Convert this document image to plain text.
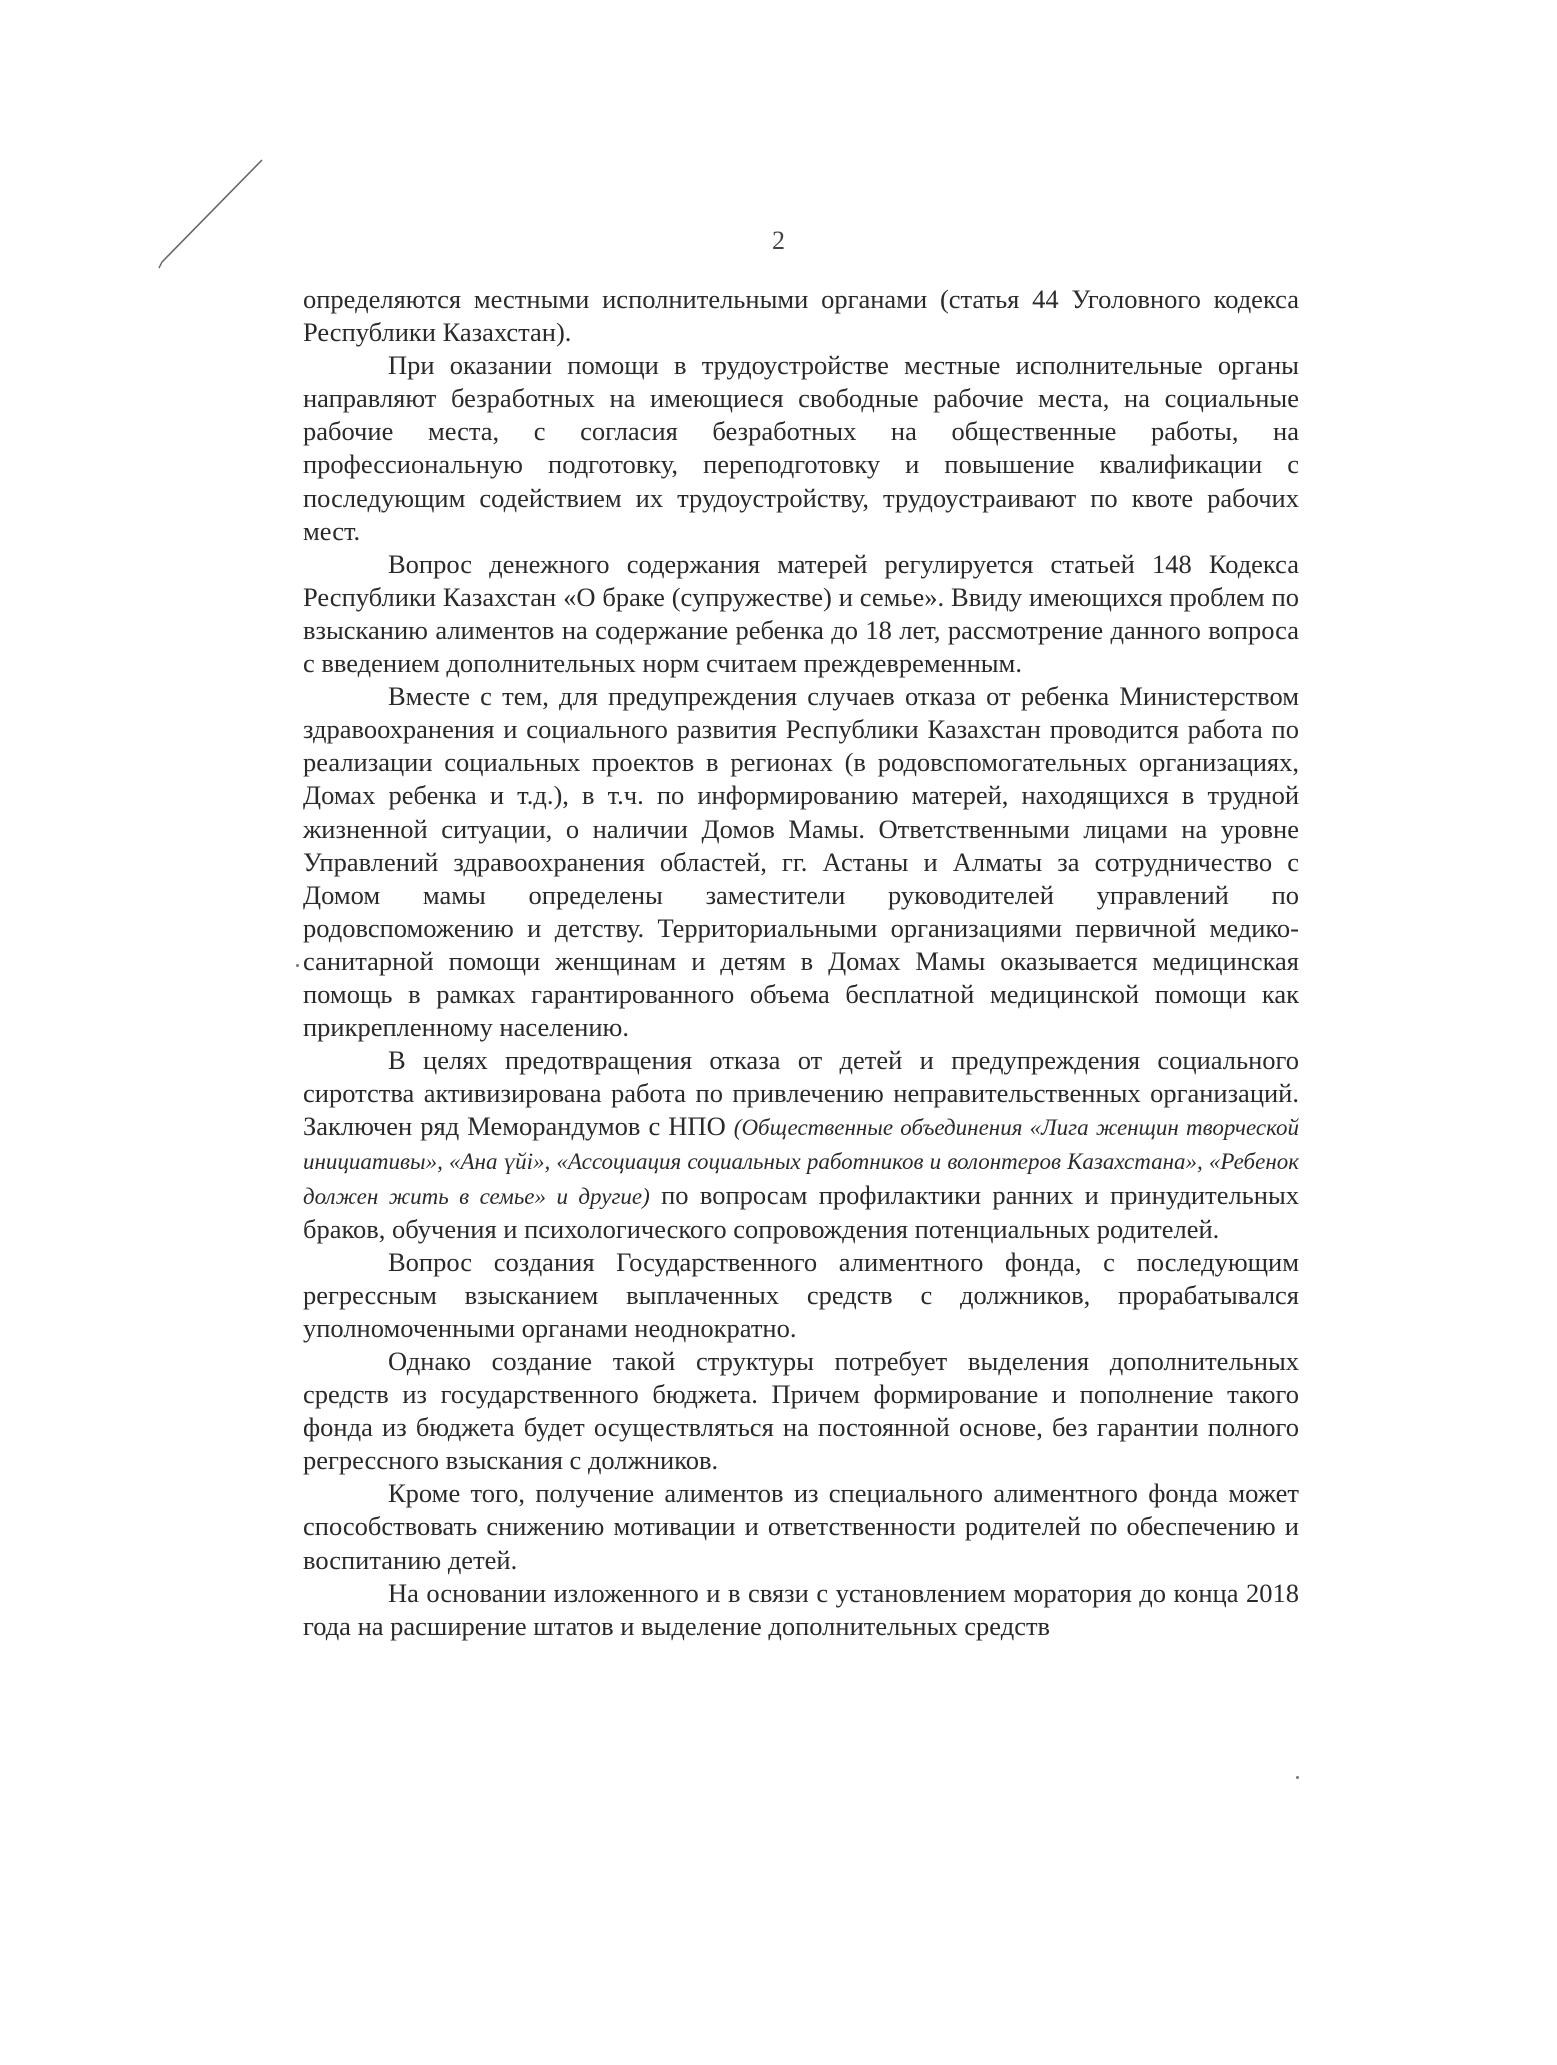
2

определяются местными исполнительными органами (статья 44 Уголовного кодекса Республики Казахстан).

При оказании помощи в трудоустройстве местные исполнительные органы направляют безработных на имеющиеся свободные рабочие места, на социальные рабочие места, с согласия безработных на общественные работы, на профессиональную подготовку, переподготовку и повышение квалификации с последующим содействием их трудоустройству, трудоустраивают по квоте рабочих мест.

Вопрос денежного содержания матерей регулируется статьей 148 Кодекса Республики Казахстан «О браке (супружестве) и семье». Ввиду имеющихся проблем по взысканию алиментов на содержание ребенка до 18 лет, рассмотрение данного вопроса с введением дополнительных норм считаем преждевременным.

Вместе с тем, для предупреждения случаев отказа от ребенка Министерством здравоохранения и социального развития Республики Казахстан проводится работа по реализации социальных проектов в регионах (в родовспомогательных организациях, Домах ребенка и т.д.), в т.ч. по информированию матерей, находящихся в трудной жизненной ситуации, о наличии Домов Мамы. Ответственными лицами на уровне Управлений здравоохранения областей, гг. Астаны и Алматы за сотрудничество с Домом мамы определены заместители руководителей управлений по родовспоможению и детству. Территориальными организациями первичной медико-санитарной помощи женщинам и детям в Домах Мамы оказывается медицинская помощь в рамках гарантированного объема бесплатной медицинской помощи как прикрепленному населению.

В целях предотвращения отказа от детей и предупреждения социального сиротства активизирована работа по привлечению неправительственных организаций. Заключен ряд Меморандумов с НПО (Общественные объединения «Лига женщин творческой инициативы», «Ана үйі», «Ассоциация социальных работников и волонтеров Казахстана», «Ребенок должен жить в семье» и другие) по вопросам профилактики ранних и принудительных браков, обучения и психологического сопровождения потенциальных родителей.

Вопрос создания Государственного алиментного фонда, с последующим регрессным взысканием выплаченных средств с должников, прорабатывался уполномоченными органами неоднократно.

Однако создание такой структуры потребует выделения дополнительных средств из государственного бюджета. Причем формирование и пополнение такого фонда из бюджета будет осуществляться на постоянной основе, без гарантии полного регрессного взыскания с должников.

Кроме того, получение алиментов из специального алиментного фонда может способствовать снижению мотивации и ответственности родителей по обеспечению и воспитанию детей.

На основании изложенного и в связи с установлением моратория до конца 2018 года на расширение штатов и выделение дополнительных средств
